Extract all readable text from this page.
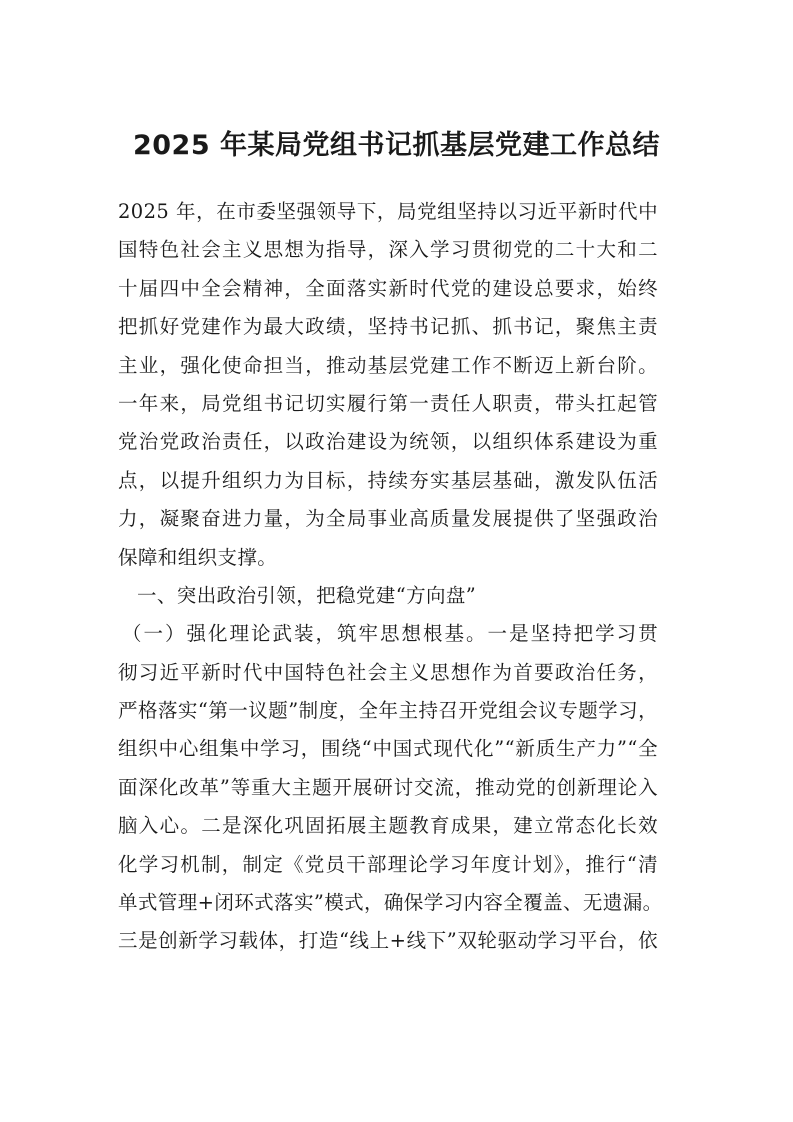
2025 年某局党组书记抓基层党建工作总结
2025 年，在市委坚强领导下，局党组坚持以习近平新时代中
国特色社会主义思想为指导，深入学习贯彻党的二十大和二
十届四中全会精神，全面落实新时代党的建设总要求，始终
把抓好党建作为最大政绩，坚持书记抓、抓书记，聚焦主责
主业，强化使命担当，推动基层党建工作不断迈上新台阶。
一年来，局党组书记切实履行第一责任人职责，带头扛起管
党治党政治责任，以政治建设为统领，以组织体系建设为重
点，以提升组织力为目标，持续夯实基层基础，激发队伍活
力，凝聚奋进力量，为全局事业高质量发展提供了坚强政治
保障和组织支撑。
一、突出政治引领，把稳党建“方向盘”
（一）强化理论武装，筑牢思想根基。一是坚持把学习贯
彻习近平新时代中国特色社会主义思想作为首要政治任务，
严格落实“第一议题”制度，全年主持召开党组会议专题学习，
组织中心组集中学习，围绕“中国式现代化”“新质生产力”“全
面深化改革”等重大主题开展研讨交流，推动党的创新理论入
脑入心。二是深化巩固拓展主题教育成果，建立常态化长效
化学习机制，制定《党员干部理论学习年度计划》，推行“清
单式管理+闭环式落实”模式，确保学习内容全覆盖、无遗漏。
三是创新学习载体，打造“线上+线下”双轮驱动学习平台，依
